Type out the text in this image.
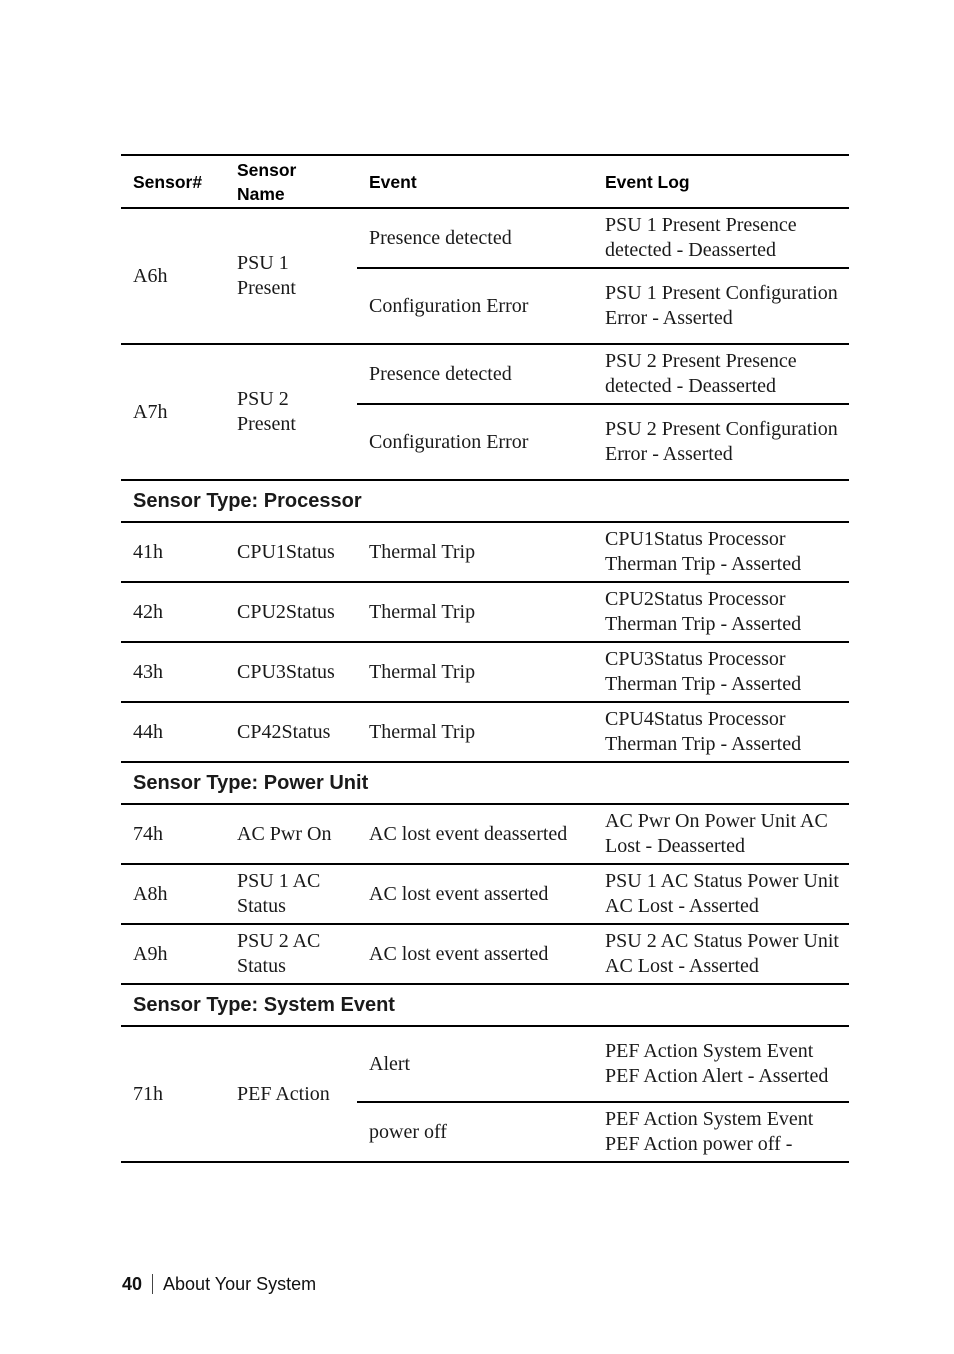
Sensor#	Sensor Name	Event	Event Log
A6h	PSU 1 Present	Presence detected	PSU 1 Present Presence detected - Deasserted
		Configuration Error	PSU 1 Present Configuration Error - Asserted
A7h	PSU 2 Present	Presence detected	PSU 2 Present Presence detected - Deasserted
		Configuration Error	PSU 2 Present Configuration Error - Asserted
Sensor Type: Processor			
41h	CPU1Status	Thermal Trip	CPU1Status Processor Therman Trip - Asserted
42h	CPU2Status	Thermal Trip	CPU2Status Processor Therman Trip - Asserted
43h	CPU3Status	Thermal Trip	CPU3Status Processor Therman Trip - Asserted
44h	CP42Status	Thermal Trip	CPU4Status Processor Therman Trip - Asserted
Sensor Type: Power Unit			
74h	AC Pwr On	AC lost event deasserted	AC Pwr On Power Unit AC Lost - Deasserted
A8h	PSU 1 AC Status	AC lost event asserted	PSU 1 AC Status Power Unit AC Lost - Asserted
A9h	PSU 2 AC Status	AC lost event asserted	PSU 2 AC Status Power Unit AC Lost - Asserted
Sensor Type: System Event			
71h	PEF Action	Alert	PEF Action System Event PEF Action Alert - Asserted
		power off	PEF Action System Event PEF Action power off -
40 About Your System
